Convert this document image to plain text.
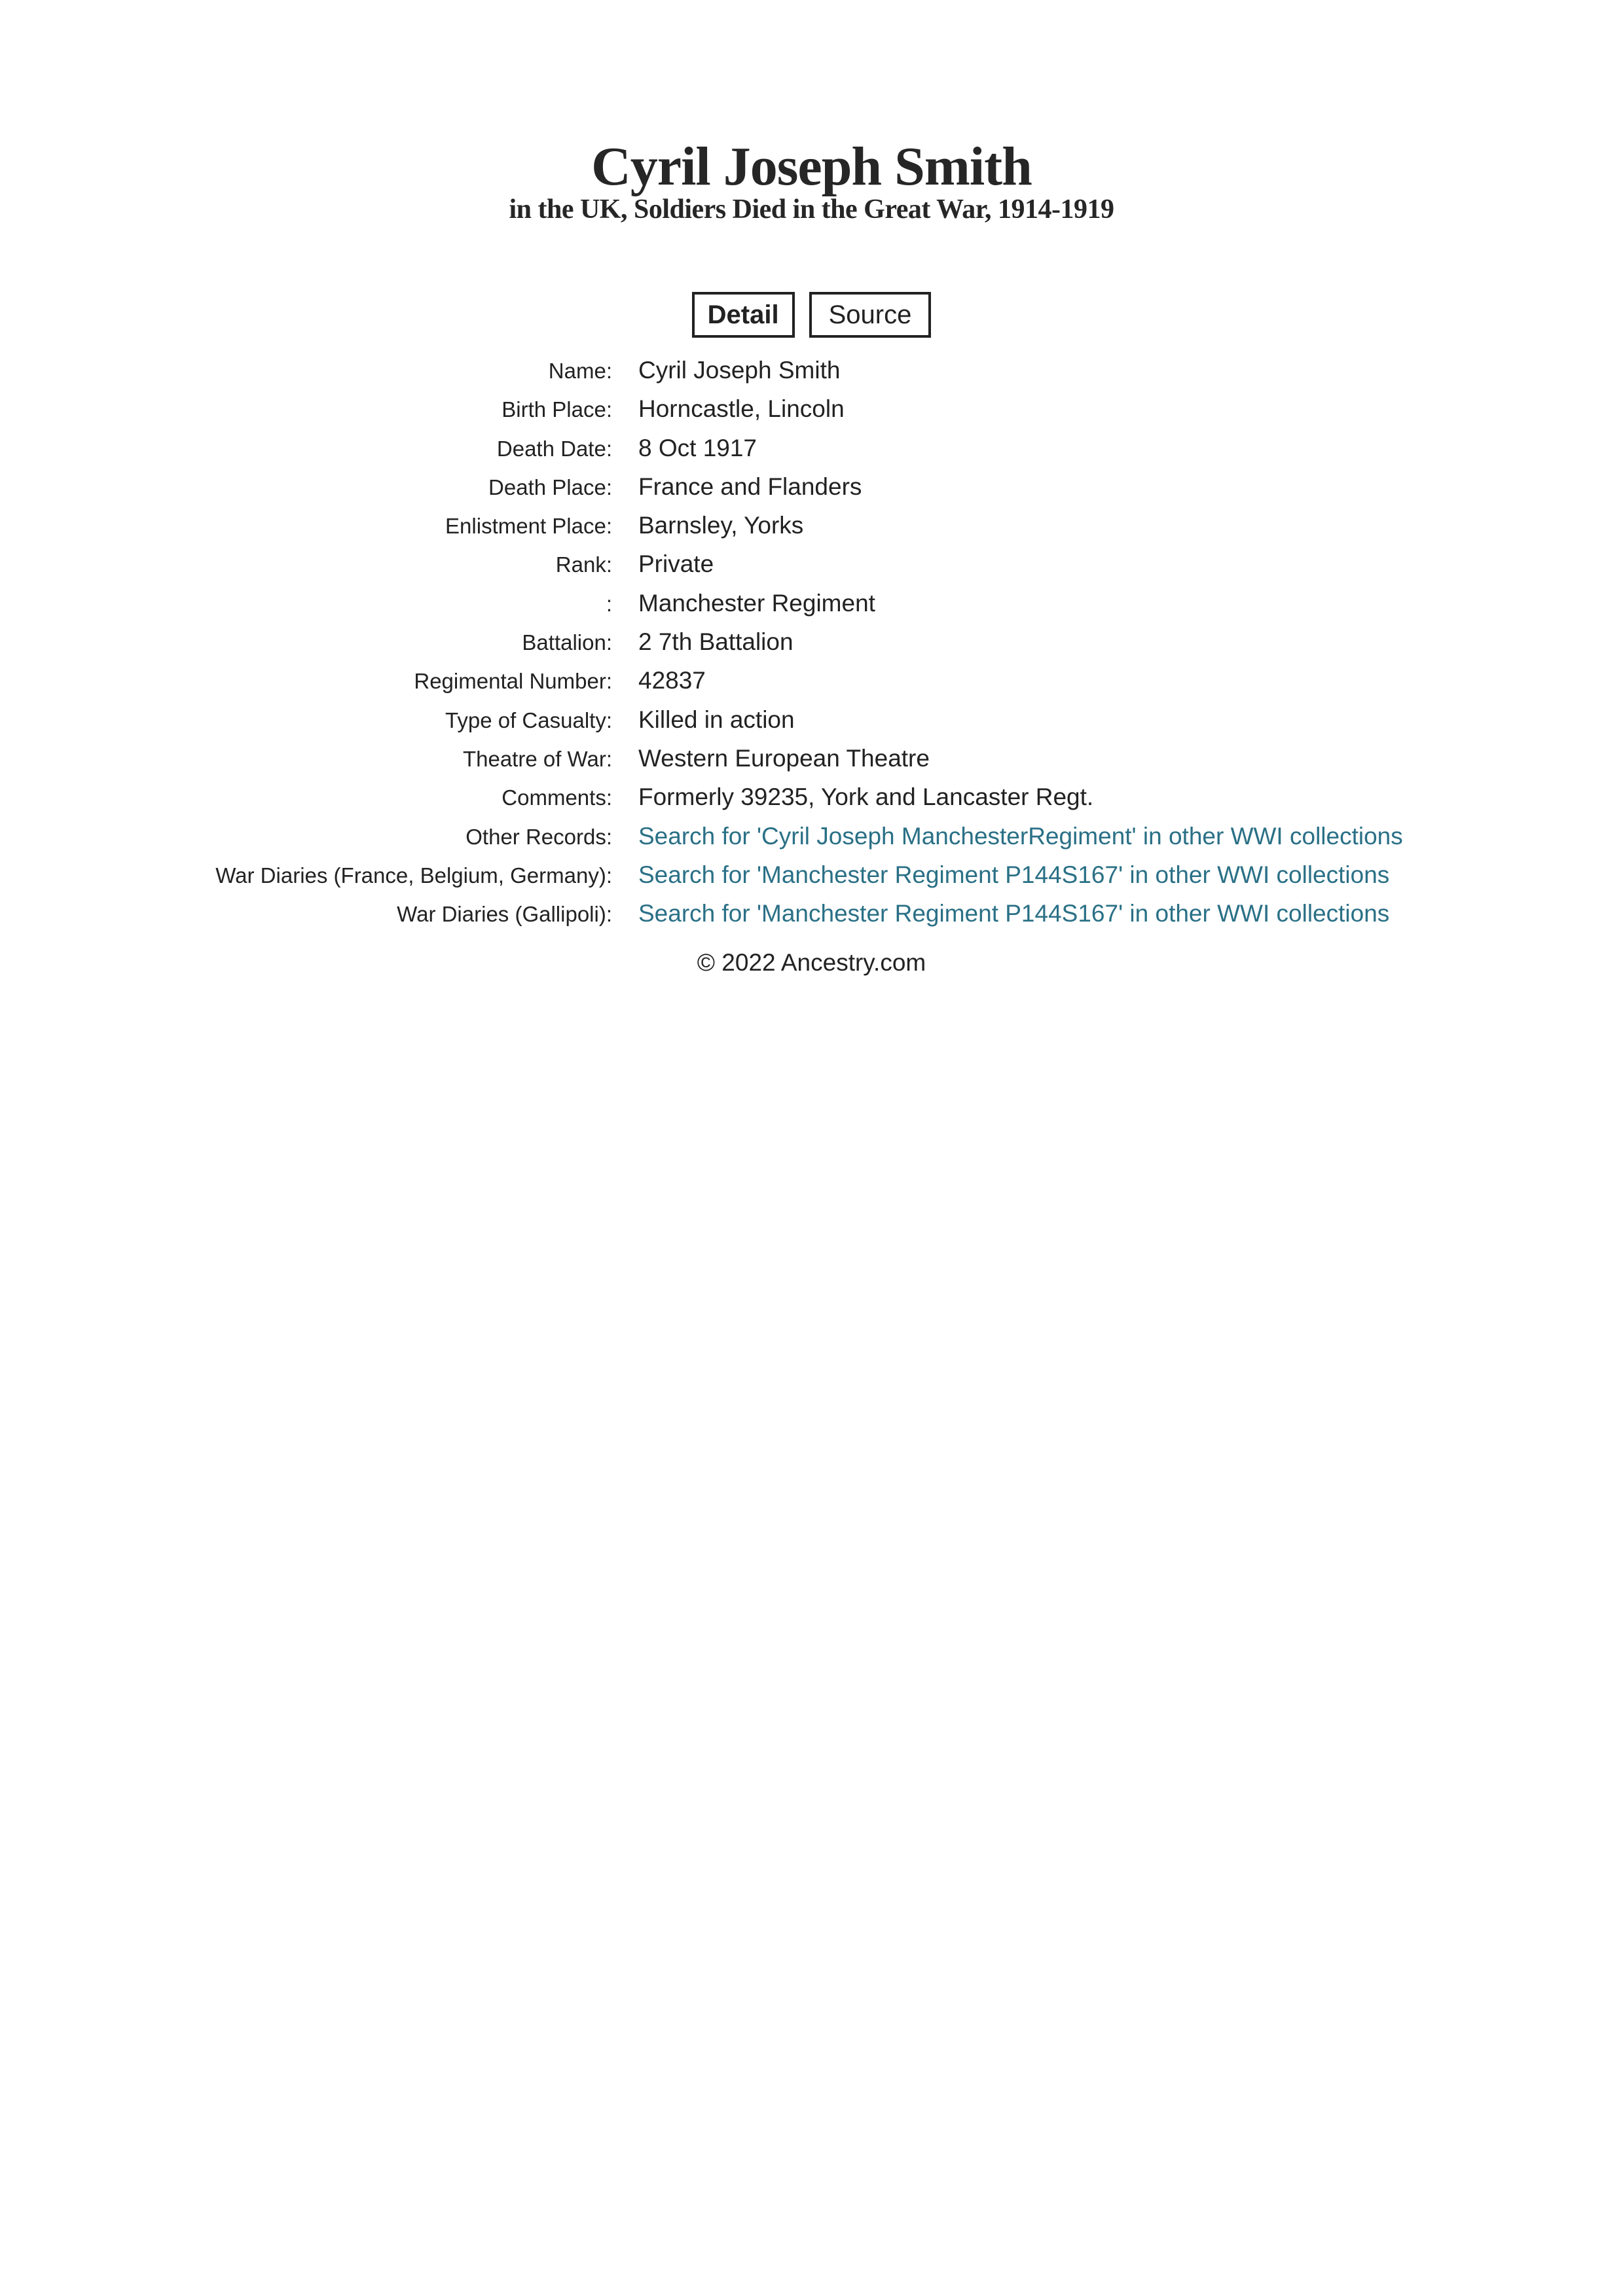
Cyril Joseph Smith
in the UK, Soldiers Died in the Great War, 1914-1919
Detail	Source
Name:	Cyril Joseph Smith
Birth Place:	Horncastle, Lincoln
Death Date:	8 Oct 1917
Death Place:	France and Flanders
Enlistment Place:	Barnsley, Yorks
Rank:	Private
:	Manchester Regiment
Battalion:	2 7th Battalion
Regimental Number:	42837
Type of Casualty:	Killed in action
Theatre of War:	Western European Theatre
Comments:	Formerly 39235, York and Lancaster Regt.
Other Records:	Search for 'Cyril Joseph ManchesterRegiment' in other WWI collections
War Diaries (France, Belgium, Germany):	Search for 'Manchester Regiment P144S167' in other WWI collections
War Diaries (Gallipoli):	Search for 'Manchester Regiment P144S167' in other WWI collections
© 2022 Ancestry.com
